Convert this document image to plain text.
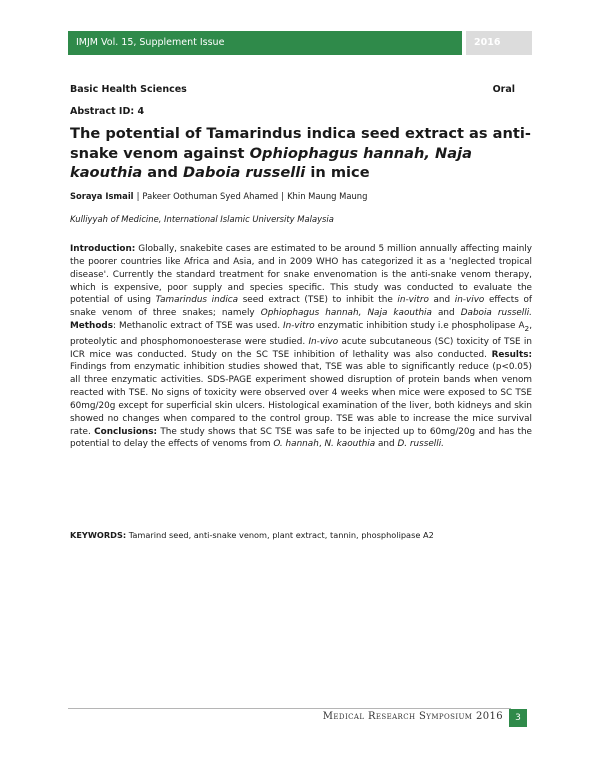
IMJM Vol. 15, Supplement Issue	2016
Basic Health Sciences	Oral
Abstract ID: 4
The potential of Tamarindus indica seed extract as anti-snake venom against Ophiophagus hannah, Naja kaouthia and Daboia russelli in mice
Soraya Ismail | Pakeer Oothuman Syed Ahamed | Khin Maung Maung
Kulliyyah of Medicine, International Islamic University Malaysia

Introduction: Globally, snakebite cases are estimated to be around 5 million annually affecting mainly the poorer countries like Africa and Asia, and in 2009 WHO has categorized it as a 'neglected tropical disease'. Currently the standard treatment for snake envenomation is the anti-snake venom therapy, which is expensive, poor supply and species specific. This study was conducted to evaluate the potential of using Tamarindus indica seed extract (TSE) to inhibit the in-vitro and in-vivo effects of snake venom of three snakes; namely Ophiophagus hannah, Naja kaouthia and Daboia russelli. Methods: Methanolic extract of TSE was used. In-vitro enzymatic inhibition study i.e phospholipase $A_2$, proteolytic and phosphomonoesterase were studied. In-vivo acute subcutaneous (SC) toxicity of TSE in ICR mice was conducted. Study on the SC TSE inhibition of lethality was also conducted. Results: Findings from enzymatic inhibition studies showed that, TSE was able to significantly reduce (p<0.05) all three enzymatic activities. SDS-PAGE experiment showed disruption of protein bands when venom reacted with TSE. No signs of toxicity were observed over 4 weeks when mice were exposed to SC TSE 60mg/20g except for superficial skin ulcers. Histological examination of the liver, both kidneys and skin showed no changes when compared to the control group. TSE was able to increase the mice survival rate. Conclusions: The study shows that SC TSE was safe to be injected up to 60mg/20g and has the potential to delay the effects of venoms from O. hannah, N. kaouthia and D. russelli.

KEYWORDS: Tamarind seed, anti-snake venom, plant extract, tannin, phospholipase A2
Medical Research Symposium 2016	3
